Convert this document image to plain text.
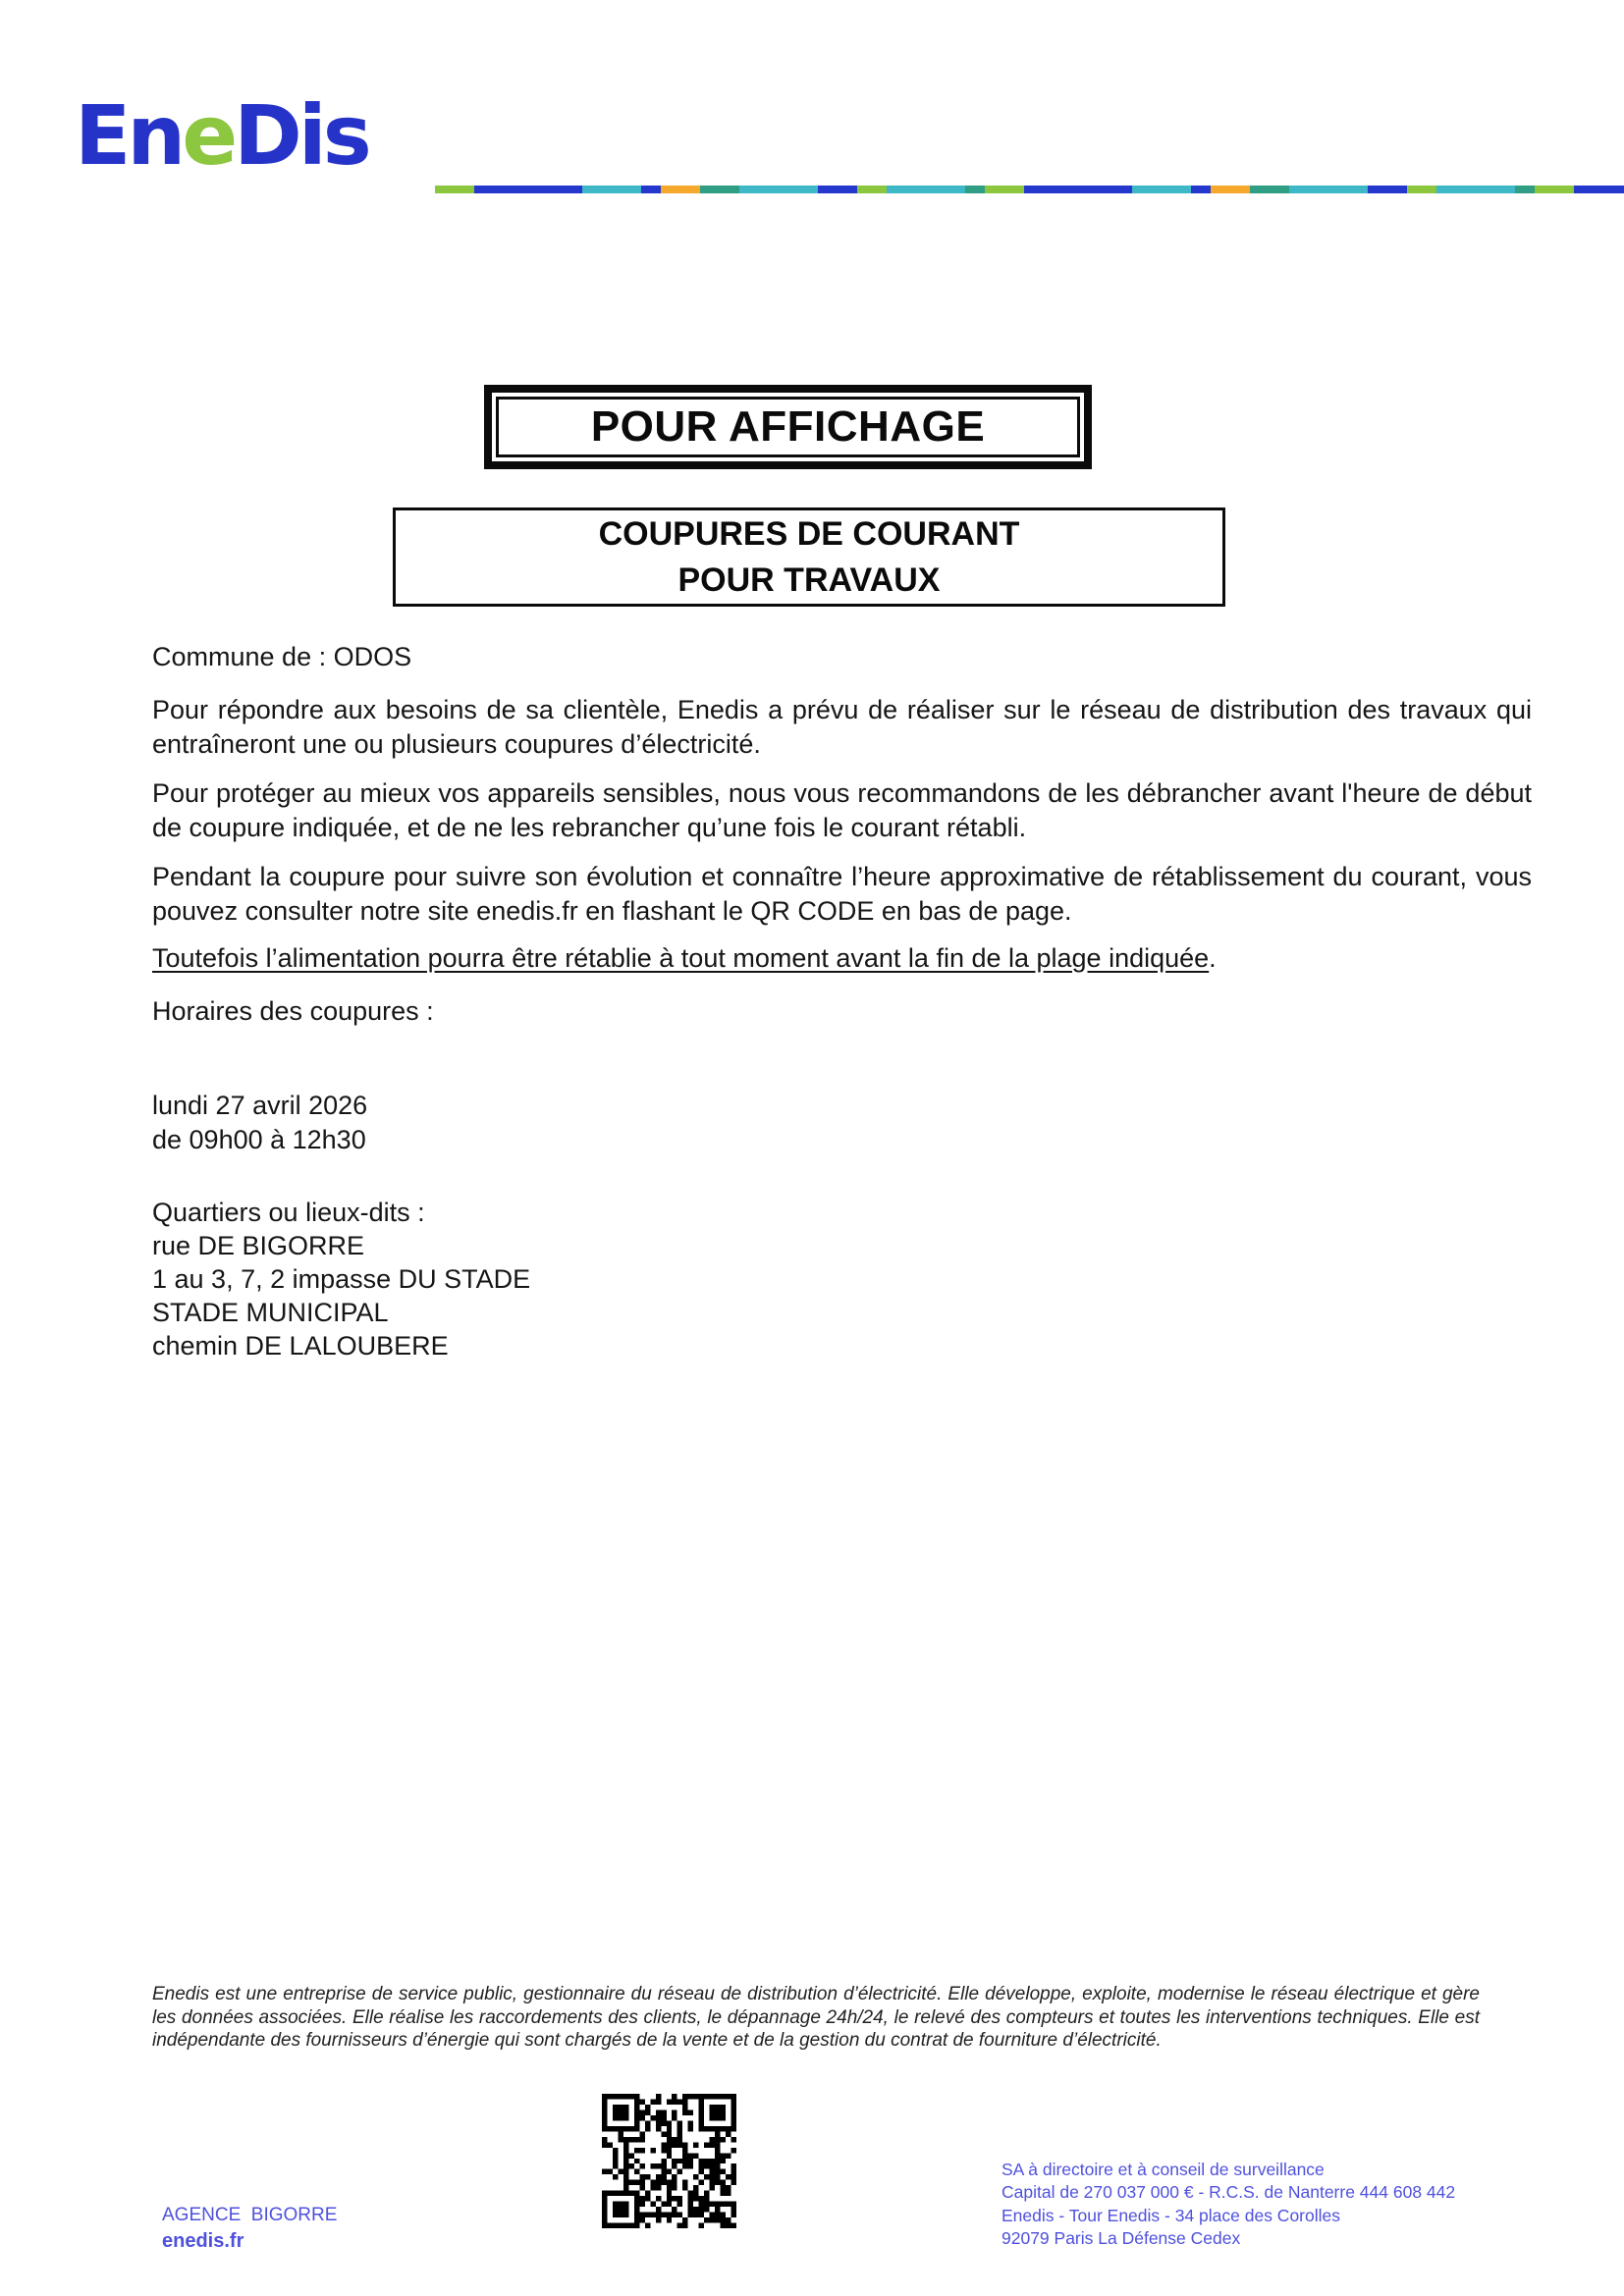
EneDis
POUR AFFICHAGE
COUPURES DE COURANT
POUR TRAVAUX
Commune de : ODOS
Pour répondre aux besoins de sa clientèle, Enedis a prévu de réaliser sur le réseau de distribution des travaux qui entraîneront une ou plusieurs coupures d’électricité.
Pour protéger au mieux vos appareils sensibles, nous vous recommandons de les débrancher avant l'heure de début de coupure indiquée, et de ne les rebrancher qu’une fois le courant rétabli.
Pendant la coupure pour suivre son évolution et connaître l’heure approximative de rétablissement du courant, vous pouvez consulter notre site enedis.fr en flashant le QR CODE en bas de page.
Toutefois l’alimentation pourra être rétablie à tout moment avant la fin de la plage indiquée.
Horaires des coupures :
lundi 27 avril 2026
de 09h00 à 12h30
Quartiers ou lieux-dits :
rue DE BIGORRE
1 au 3, 7, 2 impasse DU STADE
STADE MUNICIPAL
chemin DE LALOUBERE
Enedis est une entreprise de service public, gestionnaire du réseau de distribution d’électricité. Elle développe, exploite, modernise le réseau électrique et gère les données associées. Elle réalise les raccordements des clients, le dépannage 24h/24, le relevé des compteurs et toutes les interventions techniques. Elle est indépendante des fournisseurs d’énergie qui sont chargés de la vente et de la gestion du contrat de fourniture d’électricité.
SA à directoire et à conseil de surveillance
Capital de 270 037 000 € - R.C.S. de Nanterre 444 608 442
Enedis - Tour Enedis - 34 place des Corolles
92079 Paris La Défense Cedex
AGENCE  BIGORRE
enedis.fr
